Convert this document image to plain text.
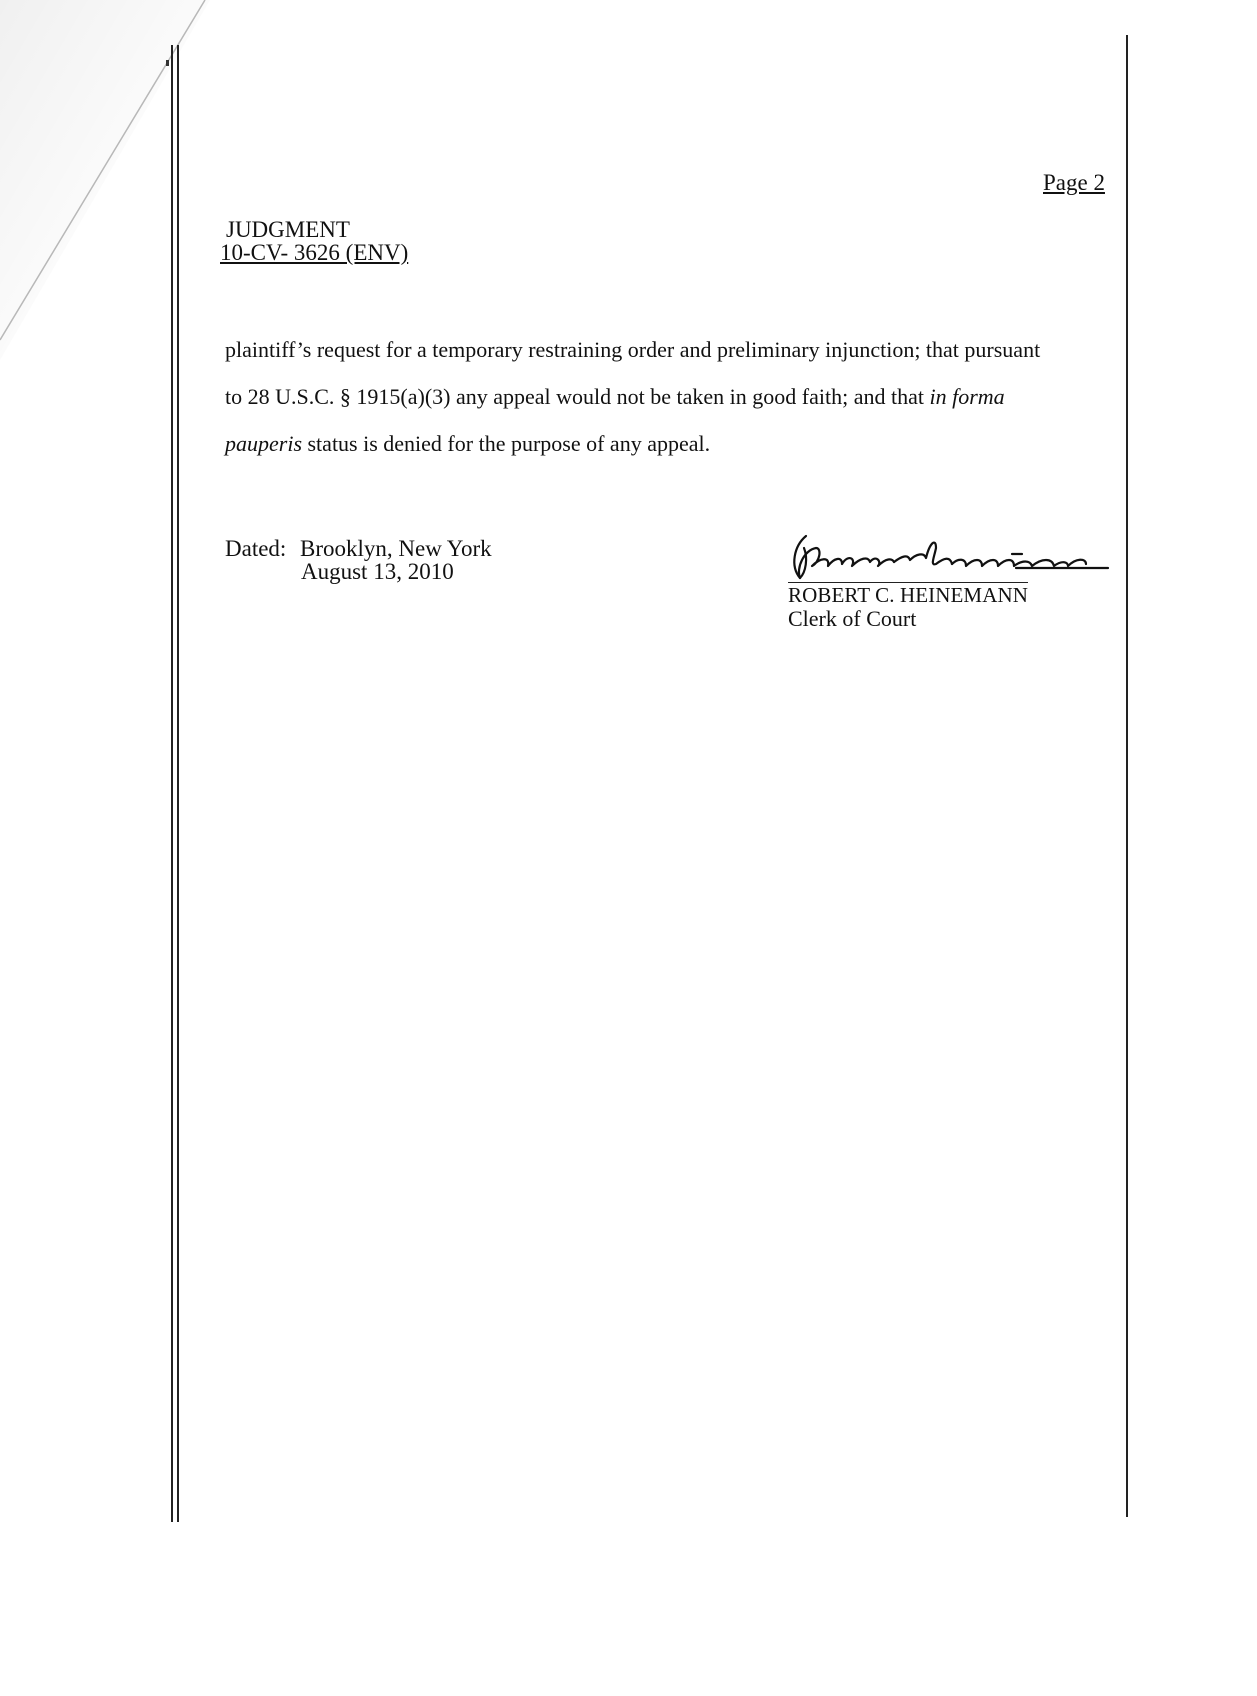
Page 2
JUDGMENT
10-CV- 3626 (ENV)
plaintiff’s request for a temporary restraining order and preliminary injunction; that pursuant
to 28 U.S.C. § 1915(a)(3) any appeal would not be taken in good faith; and that in forma
pauperis status is denied for the purpose of any appeal.
Dated: Brooklyn, New York
August 13, 2010
ROBERT C. HEINEMANN
Clerk of Court
